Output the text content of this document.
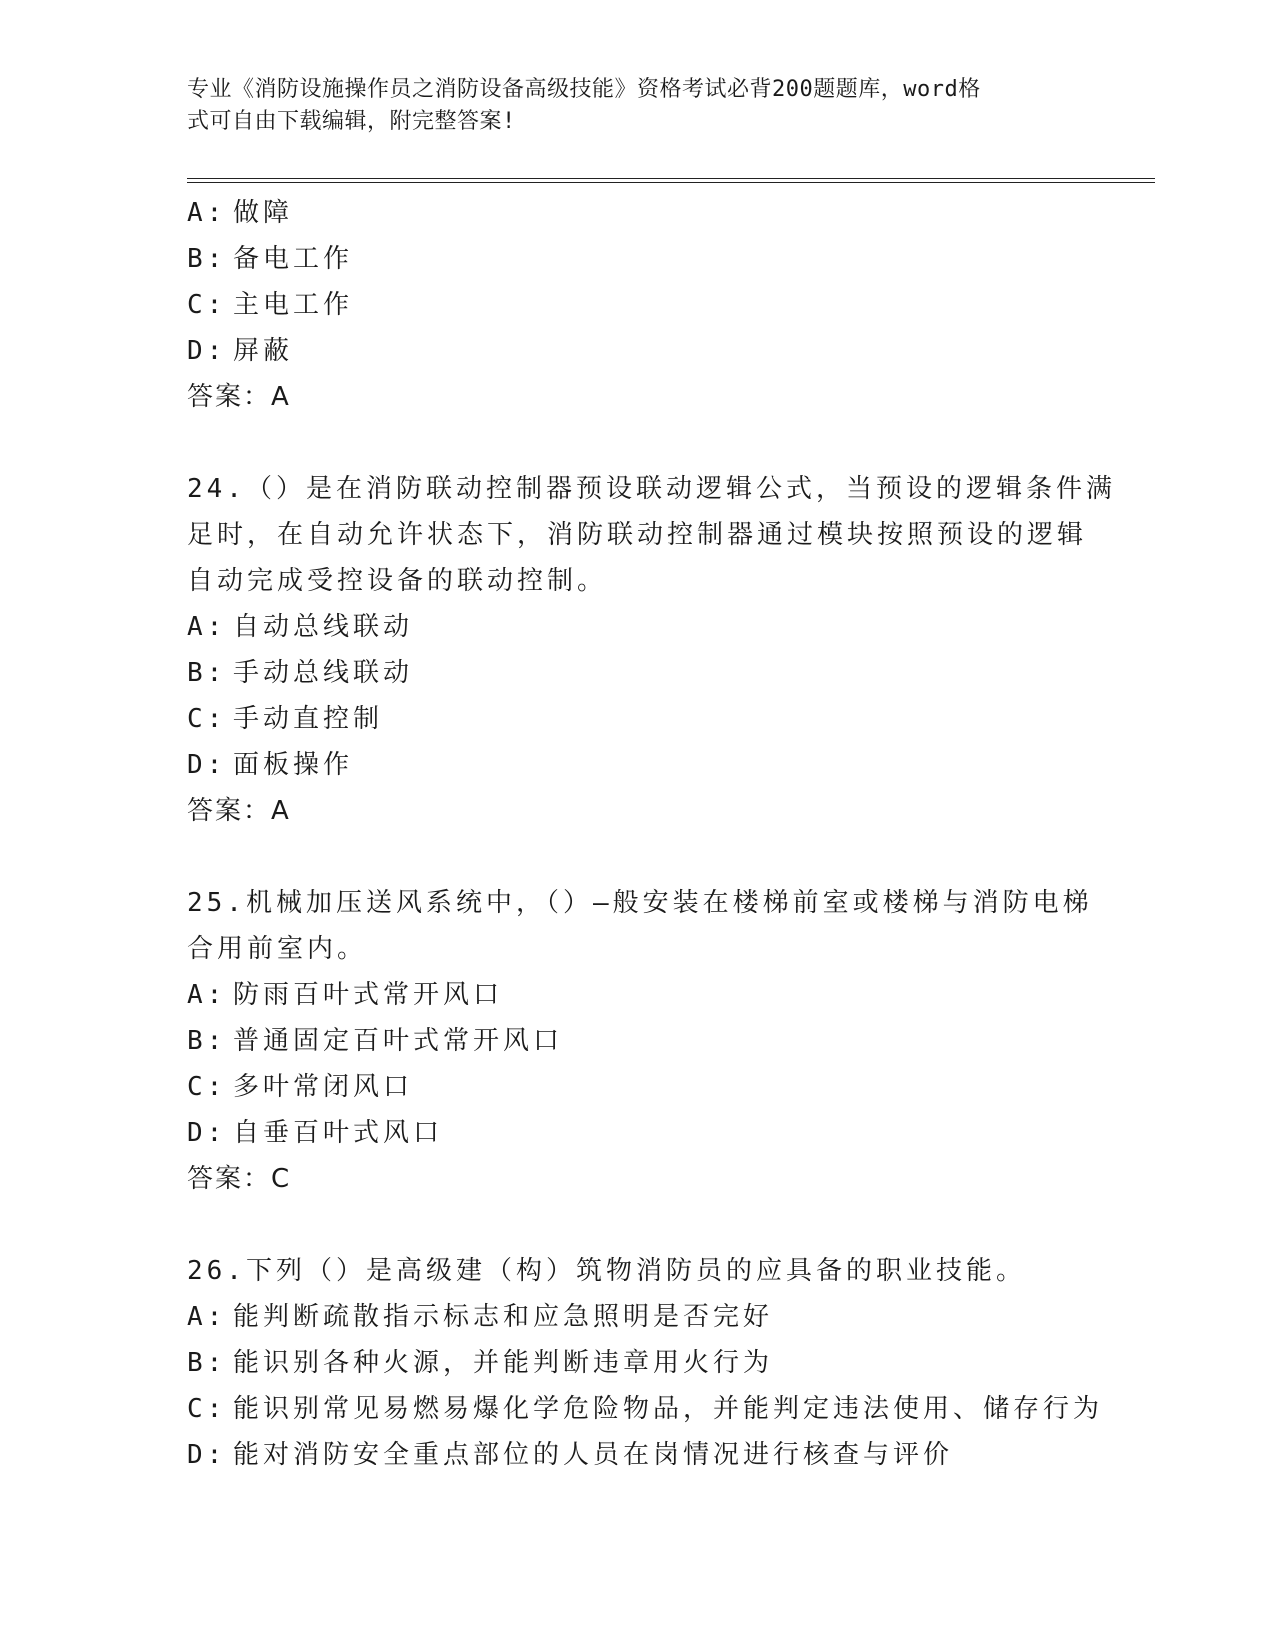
专业《消防设施操作员之消防设备高级技能》资格考试必背200题题库，word格
式可自由下载编辑，附完整答案!
A: 做障
B: 备电工作
C: 主电工作
D: 屏蔽
答案：A
24.（）是在消防联动控制器预设联动逻辑公式，当预设的逻辑条件满
足时，在自动允许状态下，消防联动控制器通过模块按照预设的逻辑
自动完成受控设备的联动控制。
A: 自动总线联动
B: 手动总线联动
C: 手动直控制
D: 面板操作
答案：A
25.机械加压送风系统中，（）—般安装在楼梯前室或楼梯与消防电梯
合用前室内。
A: 防雨百叶式常开风口
B: 普通固定百叶式常开风口
C: 多叶常闭风口
D: 自垂百叶式风口
答案：C
26.下列（）是高级建（构）筑物消防员的应具备的职业技能。
A: 能判断疏散指示标志和应急照明是否完好
B: 能识别各种火源，并能判断违章用火行为
C: 能识别常见易燃易爆化学危险物品，并能判定违法使用、储存行为
D: 能对消防安全重点部位的人员在岗情况进行核查与评价
